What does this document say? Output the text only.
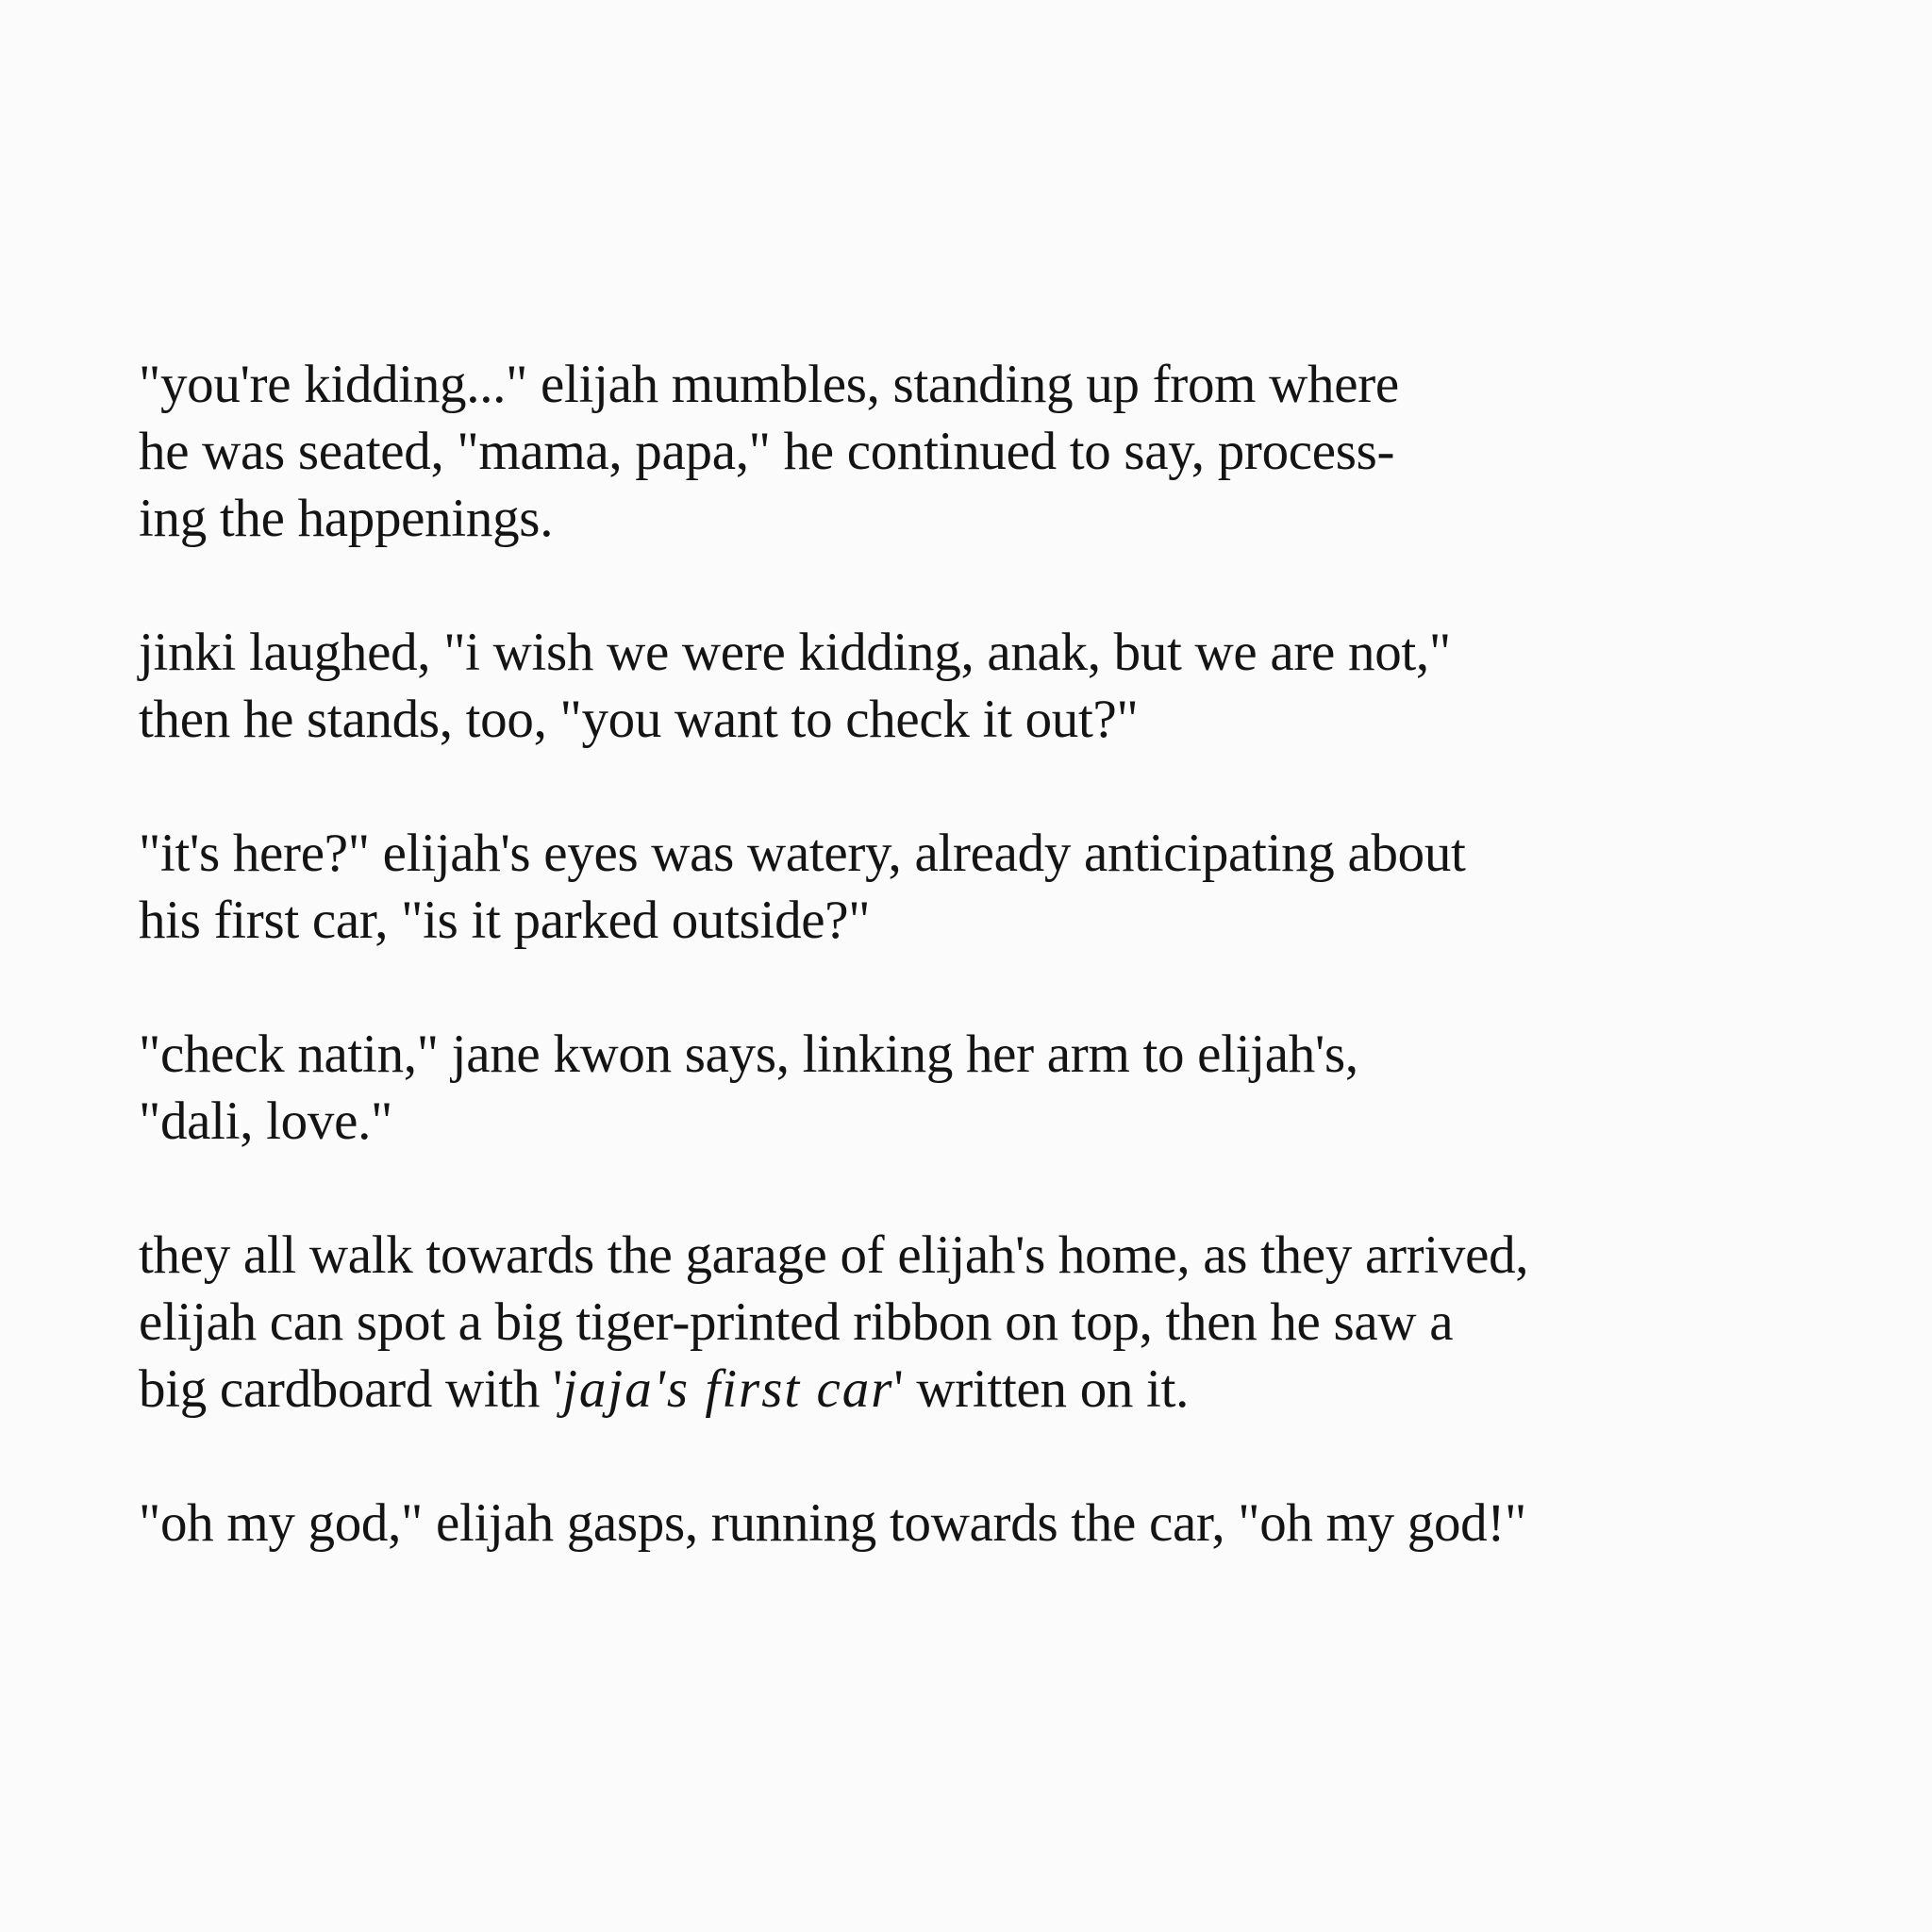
"you're kidding..." elijah mumbles, standing up from where
he was seated, "mama, papa," he continued to say, process-
ing the happenings.

jinki laughed, "i wish we were kidding, anak, but we are not,"
then he stands, too, "you want to check it out?"

"it's here?" elijah's eyes was watery, already anticipating about
his first car, "is it parked outside?"

"check natin," jane kwon says, linking her arm to elijah's,
"dali, love."

they all walk towards the garage of elijah's home, as they arrived,
elijah can spot a big tiger-printed ribbon on top, then he saw a
big cardboard with 'jaja's first car' written on it.

"oh my god," elijah gasps, running towards the car, "oh my god!"
